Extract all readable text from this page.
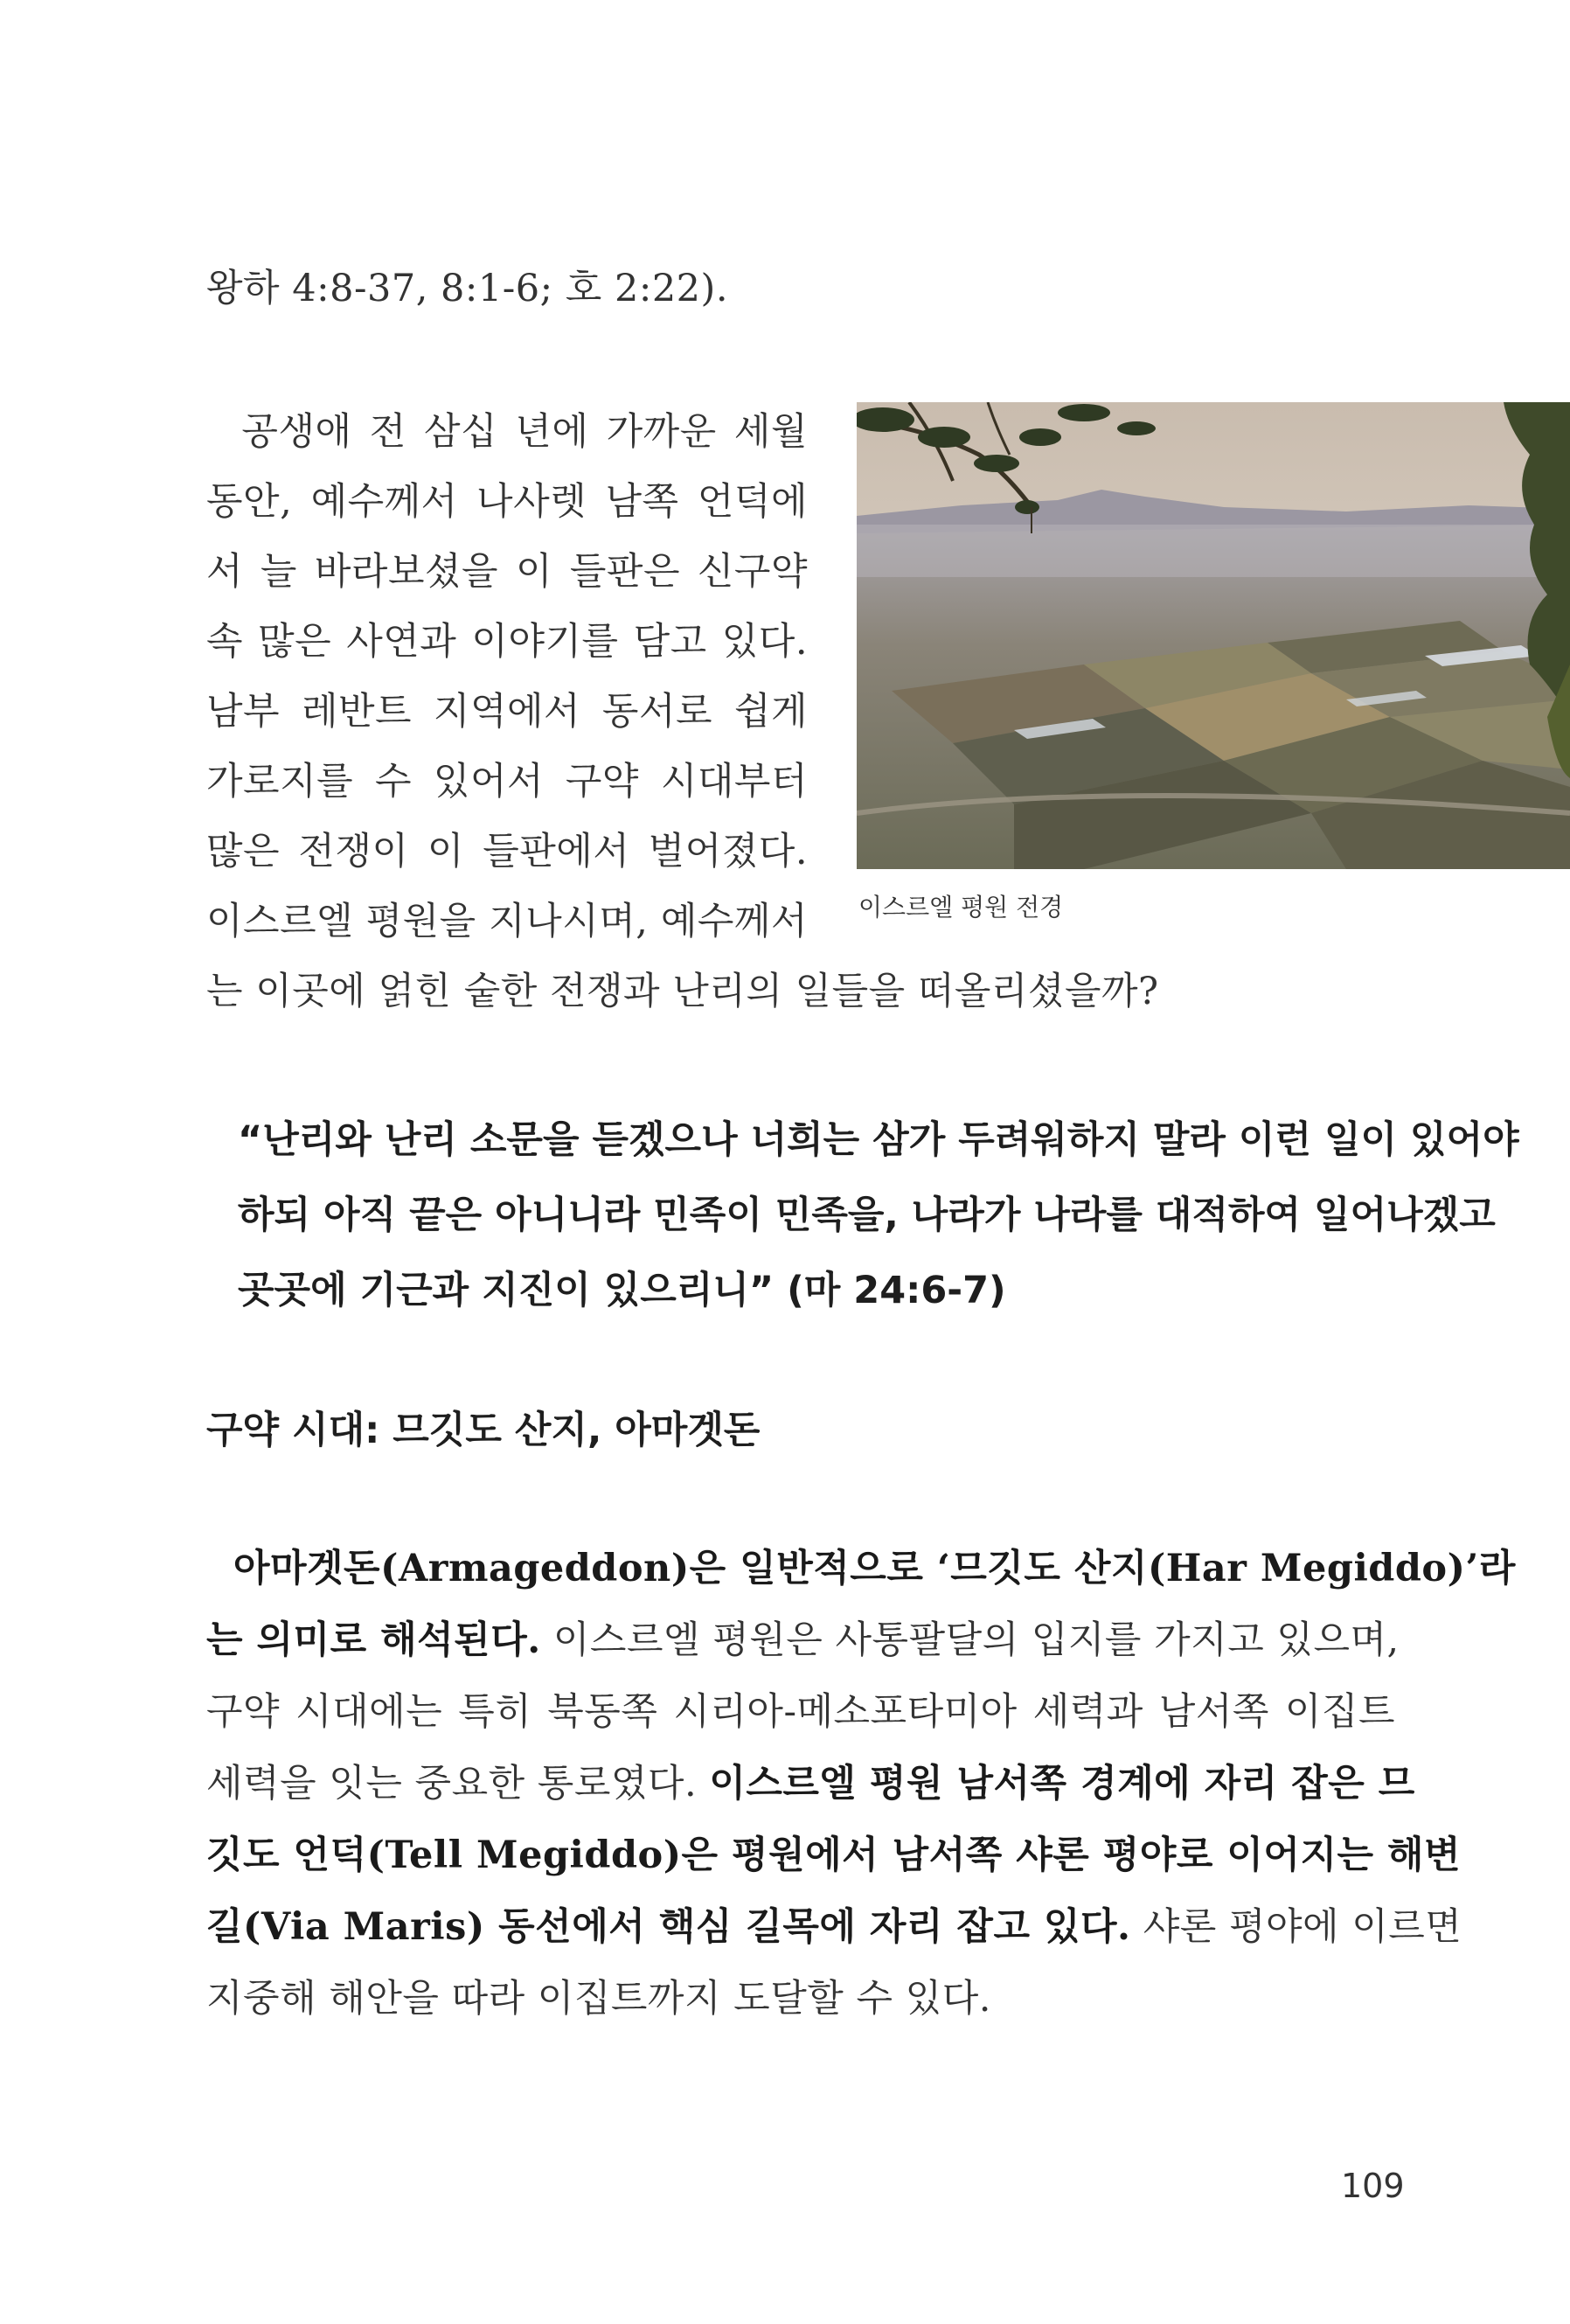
왕하 4:8-37, 8:1-6; 호 2:22).
공생애 전 삼십 년에 가까운 세월
동안, 예수께서 나사렛 남쪽 언덕에
서 늘 바라보셨을 이 들판은 신구약
속 많은 사연과 이야기를 담고 있다.
남부 레반트 지역에서 동서로 쉽게
가로지를 수 있어서 구약 시대부터
많은 전쟁이 이 들판에서 벌어졌다.
이스르엘 평원을 지나시며, 예수께서
는 이곳에 얽힌 숱한 전쟁과 난리의 일들을 떠올리셨을까?
이스르엘 평원 전경
“난리와 난리 소문을 듣겠으나 너희는 삼가 두려워하지 말라 이런 일이 있어야
하되 아직 끝은 아니니라 민족이 민족을, 나라가 나라를 대적하여 일어나겠고
곳곳에 기근과 지진이 있으리니” (마 24:6-7)
구약 시대: 므깃도 산지, 아마겟돈
아마겟돈(Armageddon)은 일반적으로 ‘므깃도 산지(Har Megiddo)’라
는 의미로 해석된다. 이스르엘 평원은 사통팔달의 입지를 가지고 있으며,
구약 시대에는 특히 북동쪽 시리아-메소포타미아 세력과 남서쪽 이집트
세력을 잇는 중요한 통로였다. 이스르엘 평원 남서쪽 경계에 자리 잡은 므
깃도 언덕(Tell Megiddo)은 평원에서 남서쪽 샤론 평야로 이어지는 해변
길(Via Maris) 동선에서 핵심 길목에 자리 잡고 있다. 샤론 평야에 이르면
지중해 해안을 따라 이집트까지 도달할 수 있다.
109
